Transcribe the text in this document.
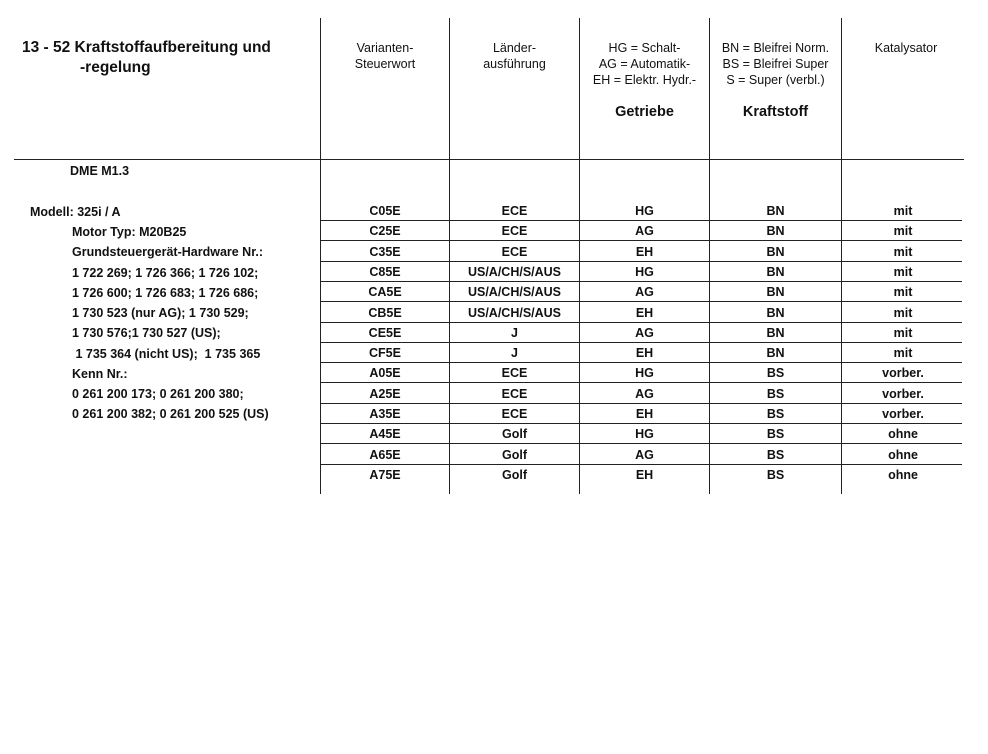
13 - 52 Kraftstoffaufbereitung und
-regelung
Varianten-
Steuerwort
Länder-
ausführung
HG = Schalt-
AG = Automatik-
EH = Elektr. Hydr.-
Getriebe
BN = Bleifrei Norm.
BS = Bleifrei Super
S = Super (verbl.)
Kraftstoff
Katalysator
DME M1.3
Modell: 325i / A
Motor Typ: M20B25
Grundsteuergerät-Hardware Nr.:
1 722 269; 1 726 366; 1 726 102;
1 726 600; 1 726 683; 1 726 686;
1 730 523 (nur AG); 1 730 529;
1 730 576;1 730 527 (US);
1 735 364 (nicht US);  1 735 365
Kenn Nr.:
0 261 200 173; 0 261 200 380;
0 261 200 382; 0 261 200 525 (US)
C05E	ECE	HG	BN	mit
C25E	ECE	AG	BN	mit
C35E	ECE	EH	BN	mit
C85E	US/A/CH/S/AUS	HG	BN	mit
CA5E	US/A/CH/S/AUS	AG	BN	mit
CB5E	US/A/CH/S/AUS	EH	BN	mit
CE5E	J	AG	BN	mit
CF5E	J	EH	BN	mit
A05E	ECE	HG	BS	vorber.
A25E	ECE	AG	BS	vorber.
A35E	ECE	EH	BS	vorber.
A45E	Golf	HG	BS	ohne
A65E	Golf	AG	BS	ohne
A75E	Golf	EH	BS	ohne
